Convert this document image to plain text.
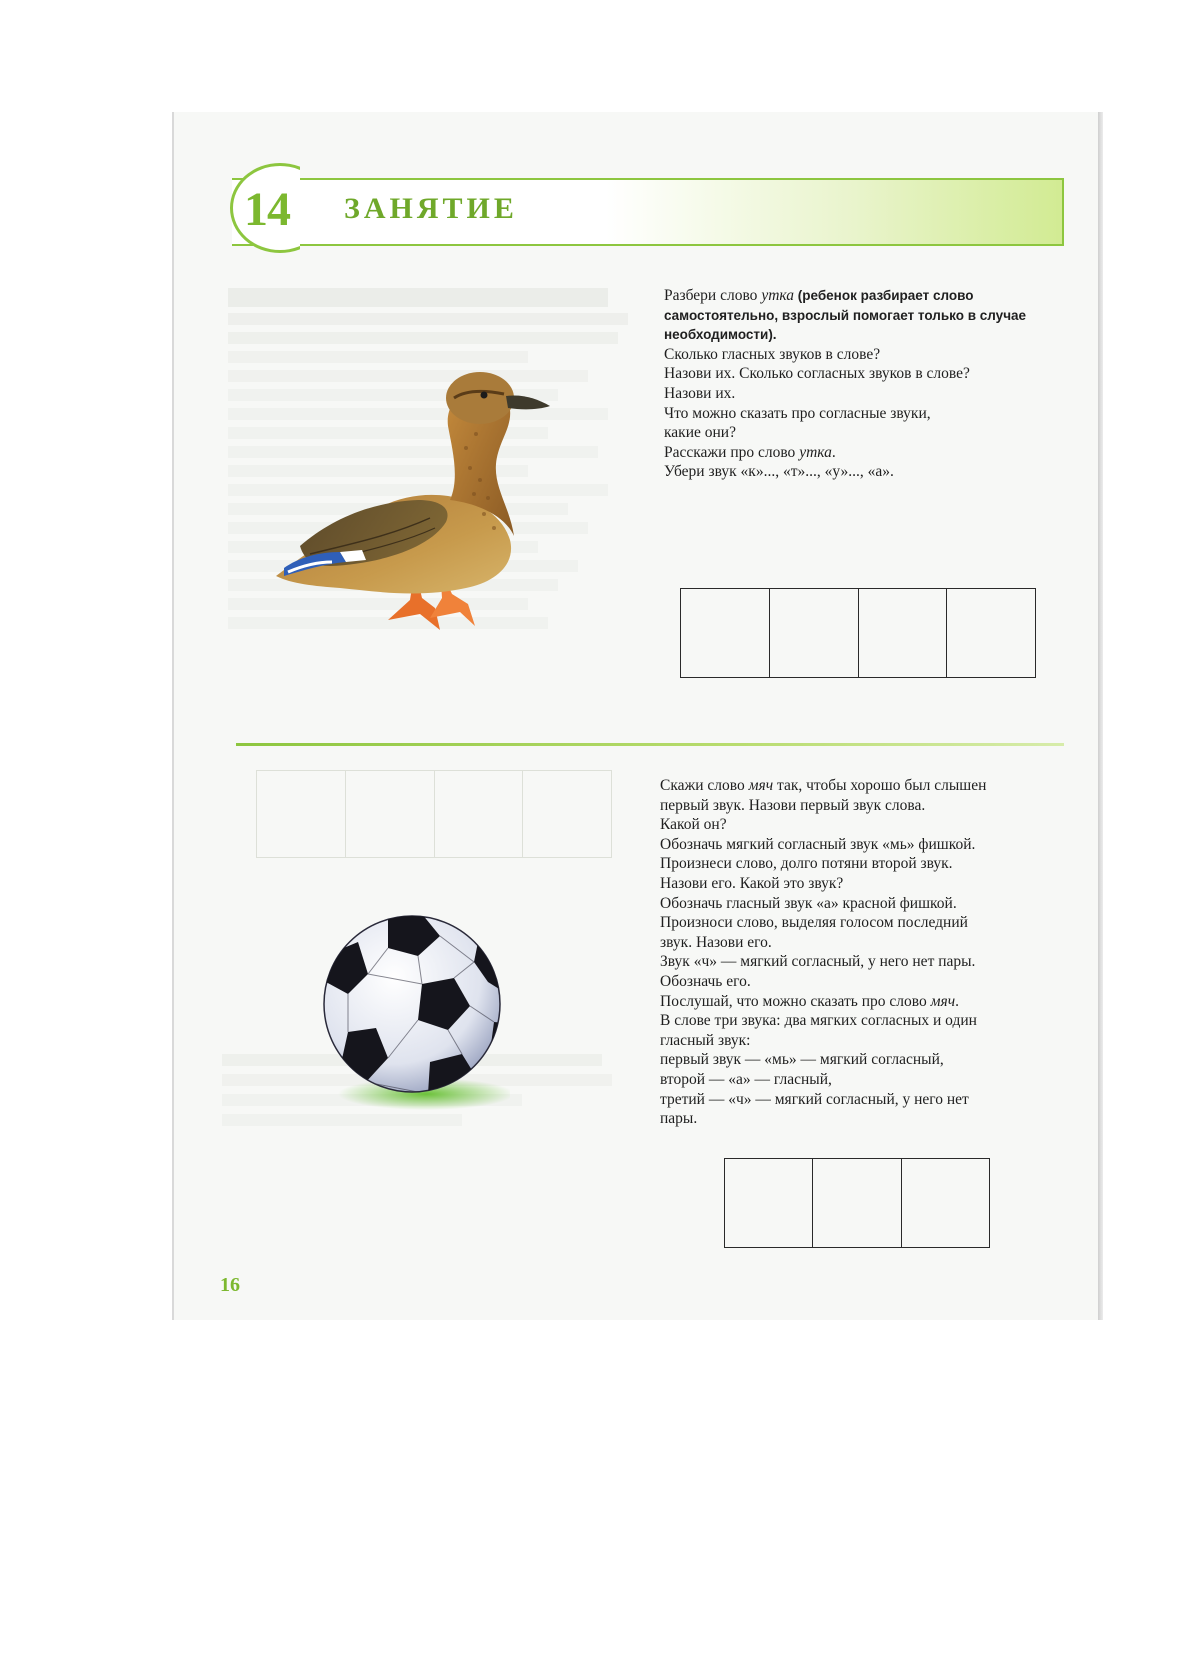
14 ЗАНЯТИЕ

Разбери слово утка (ребенок разбирает слово

самостоятельно, взрослый помогает только в случае

необходимости).

Сколько гласных звуков в слове?

Назови их. Сколько согласных звуков в слове?

Назови их.

Что можно сказать про согласные звуки,

какие они?

Расскажи про слово утка.

Убери звук «к»..., «т»..., «у»..., «а».

Скажи слово мяч так, чтобы хорошо был слышен

первый звук. Назови первый звук слова.

Какой он?

Обозначь мягкий согласный звук «мь» фишкой.

Произнеси слово, долго потяни второй звук.

Назови его. Какой это звук?

Обозначь гласный звук «а» красной фишкой.

Произноси слово, выделяя голосом последний

звук. Назови его.

Звук «ч» — мягкий согласный, у него нет пары.

Обозначь его.

Послушай, что можно сказать про слово мяч.

В слове три звука: два мягких согласных и один

гласный звук:

первый звук — «мь» — мягкий согласный,

второй — «а» — гласный,

третий — «ч» — мягкий согласный, у него нет

пары.

16
